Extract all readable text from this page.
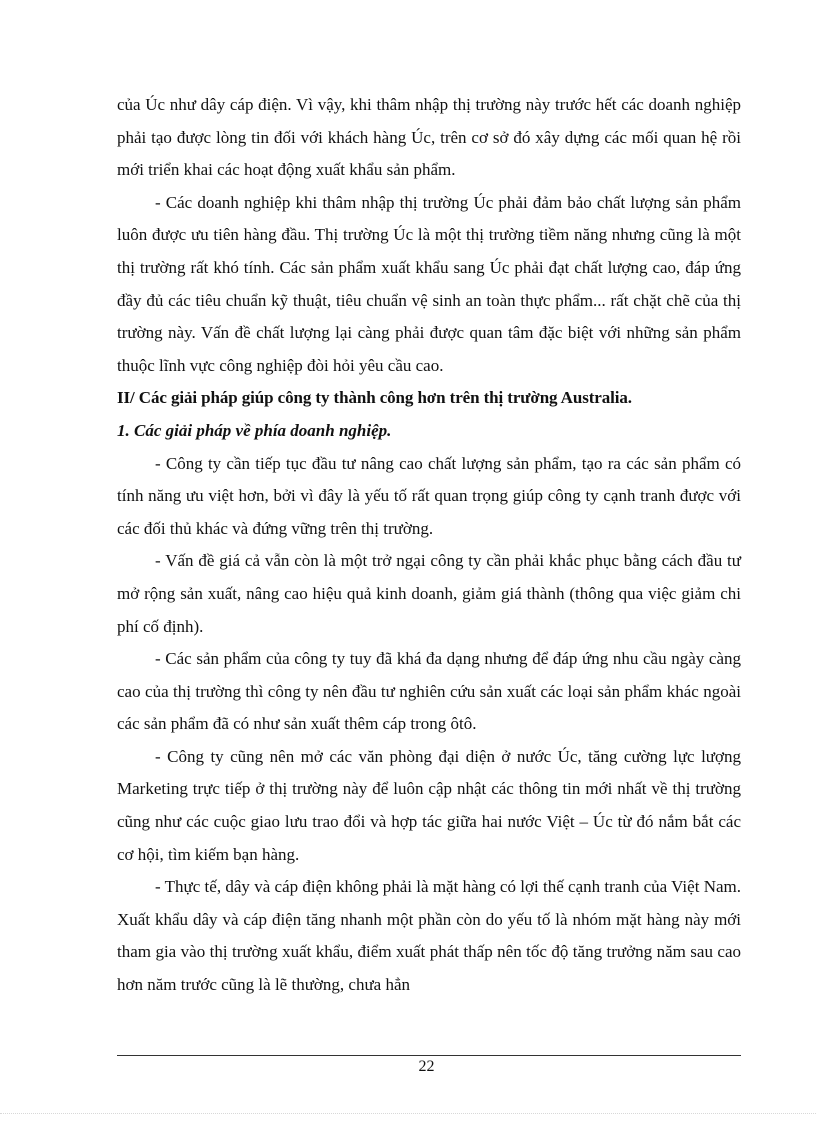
của Úc như dây cáp điện. Vì vậy, khi thâm nhập thị trường này trước hết các doanh nghiệp phải tạo được lòng tin đối với khách hàng Úc, trên cơ sở đó xây dựng các mối quan hệ rồi mới triển khai các hoạt động xuất khẩu sản phẩm.

- Các doanh nghiệp khi thâm nhập thị trường Úc phải đảm bảo chất lượng sản phẩm luôn được ưu tiên hàng đầu. Thị trường Úc là một thị trường tiềm năng nhưng cũng là một thị trường rất khó tính. Các sản phẩm xuất khẩu sang Úc phải đạt chất lượng cao, đáp ứng đầy đủ các tiêu chuẩn kỹ thuật, tiêu chuẩn vệ sinh an toàn thực phẩm... rất chặt chẽ của thị trường này. Vấn đề chất lượng lại càng phải được quan tâm đặc biệt với những sản phẩm thuộc lĩnh vực công nghiệp đòi hỏi yêu cầu cao.

II/ Các giải pháp giúp công ty thành công hơn trên thị trường Australia.

1. Các giải pháp về phía doanh nghiệp.

- Công ty cần tiếp tục đầu tư nâng cao chất lượng sản phẩm, tạo ra các sản phẩm có tính năng ưu việt hơn, bởi vì đây là yếu tố rất quan trọng giúp công ty cạnh tranh được với các đối thủ khác và đứng vững trên thị trường.

- Vấn đề giá cả vẫn còn là một trở ngại công ty cần phải khắc phục bằng cách đầu tư mở rộng sản xuất, nâng cao hiệu quả kinh doanh, giảm giá thành (thông qua việc giảm chi phí cố định).

- Các sản phẩm của công ty tuy đã khá đa dạng nhưng để đáp ứng nhu cầu ngày càng cao của thị trường thì công ty nên đầu tư nghiên cứu sản xuất các loại sản phẩm khác ngoài các sản phẩm đã có như sản xuất thêm cáp trong ôtô.

- Công ty cũng nên mở các văn phòng đại diện ở nước Úc, tăng cường lực lượng Marketing trực tiếp ở thị trường này để luôn cập nhật các thông tin mới nhất về thị trường cũng như các cuộc giao lưu trao đổi và hợp tác giữa hai nước Việt – Úc từ đó nắm bắt các cơ hội, tìm kiếm bạn hàng.

- Thực tế, dây và cáp điện không phải là mặt hàng có lợi thế cạnh tranh của Việt Nam. Xuất khẩu dây và cáp điện tăng nhanh một phần còn do yếu tố là nhóm mặt hàng này mới tham gia vào thị trường xuất khẩu, điểm xuất phát thấp nên tốc độ tăng trưởng năm sau cao hơn năm trước cũng là lẽ thường, chưa hẳn

22
